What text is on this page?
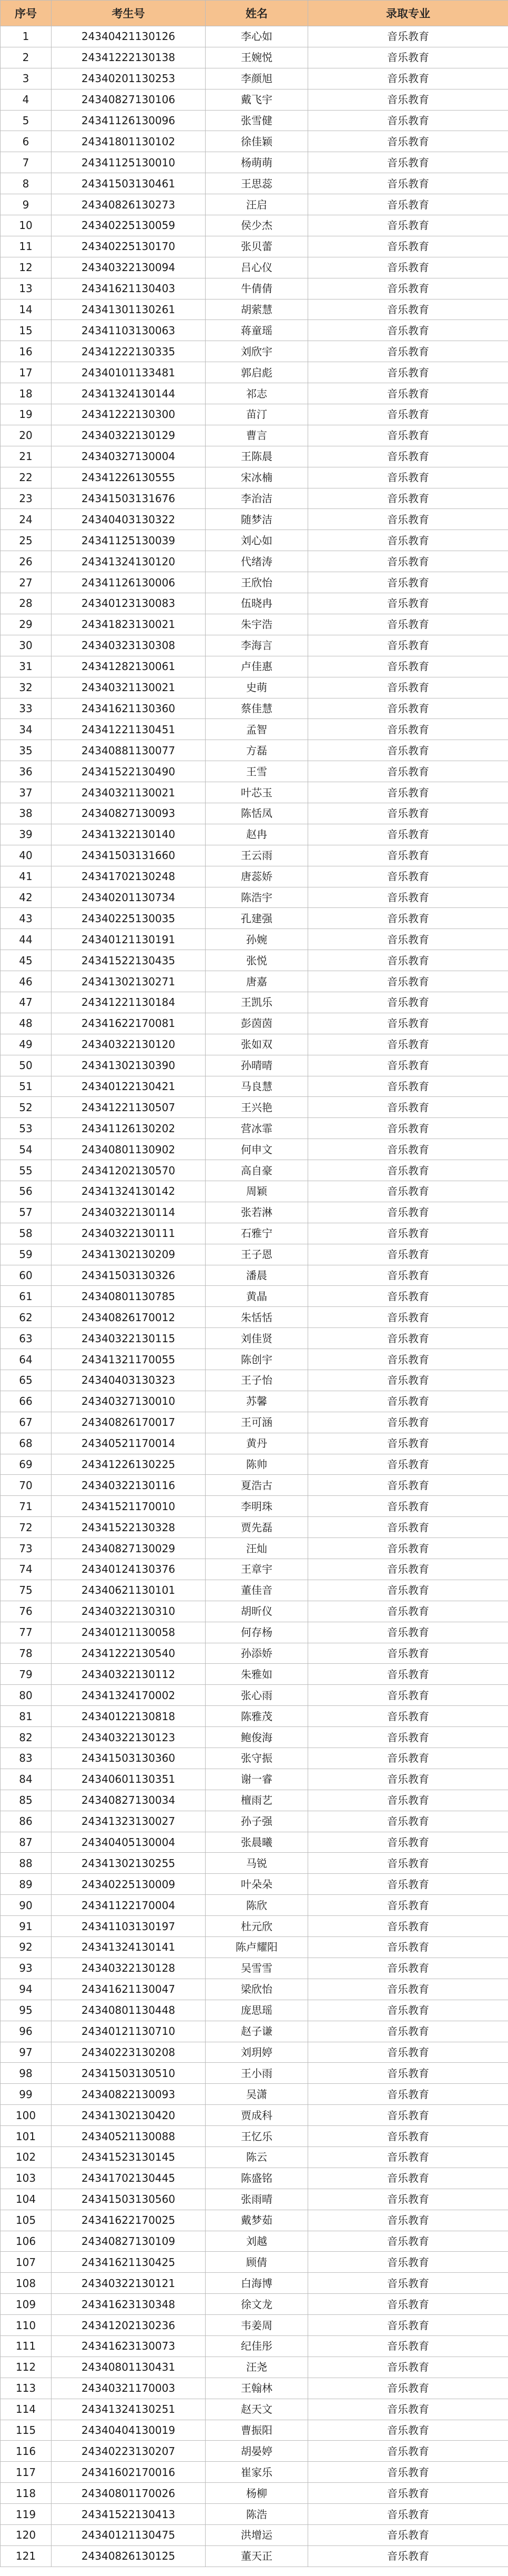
序号	考生号	姓名	录取专业
1	24340421130126	李心如	音乐教育
2	24341222130138	王婉悦	音乐教育
3	24340201130253	李颜旭	音乐教育
4	24340827130106	戴飞宇	音乐教育
5	24341126130096	张雪健	音乐教育
6	24341801130102	徐佳颖	音乐教育
7	24341125130010	杨萌萌	音乐教育
8	24341503130461	王思蕊	音乐教育
9	24340826130273	汪启	音乐教育
10	24340225130059	侯少杰	音乐教育
11	24340225130170	张贝蕾	音乐教育
12	24340322130094	吕心仪	音乐教育
13	24341621130403	牛倩倩	音乐教育
14	24341301130261	胡萦慧	音乐教育
15	24341103130063	蒋童瑶	音乐教育
16	24341222130335	刘欣宇	音乐教育
17	24340101133481	郭启彪	音乐教育
18	24341324130144	祁志	音乐教育
19	24341222130300	苗汀	音乐教育
20	24340322130129	曹言	音乐教育
21	24340327130004	王陈晨	音乐教育
22	24341226130555	宋冰楠	音乐教育
23	24341503131676	李治洁	音乐教育
24	24340403130322	随梦洁	音乐教育
25	24341125130039	刘心如	音乐教育
26	24341324130120	代绪涛	音乐教育
27	24341126130006	王欣怡	音乐教育
28	24340123130083	伍晓冉	音乐教育
29	24341823130021	朱宇浩	音乐教育
30	24340323130308	李海言	音乐教育
31	24341282130061	卢佳惠	音乐教育
32	24340321130021	史萌	音乐教育
33	24341621130360	蔡佳慧	音乐教育
34	24341221130451	孟智	音乐教育
35	24340881130077	方磊	音乐教育
36	24341522130490	王雪	音乐教育
37	24340321130021	叶芯玉	音乐教育
38	24340827130093	陈恬凤	音乐教育
39	24341322130140	赵冉	音乐教育
40	24341503131660	王云雨	音乐教育
41	24341702130248	唐蕊娇	音乐教育
42	24340201130734	陈浩宇	音乐教育
43	24340225130035	孔建强	音乐教育
44	24340121130191	孙婉	音乐教育
45	24341522130435	张悦	音乐教育
46	24341302130271	唐嘉	音乐教育
47	24341221130184	王凯乐	音乐教育
48	24341622170081	彭茵茵	音乐教育
49	24340322130120	张如双	音乐教育
50	24341302130390	孙晴晴	音乐教育
51	24340122130421	马良慧	音乐教育
52	24341221130507	王兴艳	音乐教育
53	24341126130202	营冰霏	音乐教育
54	24340801130902	何申文	音乐教育
55	24341202130570	高自豪	音乐教育
56	24341324130142	周颖	音乐教育
57	24340322130114	张若淋	音乐教育
58	24340322130111	石雅宁	音乐教育
59	24341302130209	王子恩	音乐教育
60	24341503130326	潘晨	音乐教育
61	24340801130785	黄晶	音乐教育
62	24340826170012	朱恬恬	音乐教育
63	24340322130115	刘佳贤	音乐教育
64	24341321170055	陈创宇	音乐教育
65	24340403130323	王子怡	音乐教育
66	24340327130010	苏馨	音乐教育
67	24340826170017	王可涵	音乐教育
68	24340521170014	黄丹	音乐教育
69	24341226130225	陈帅	音乐教育
70	24340322130116	夏浩古	音乐教育
71	24341521170010	李明珠	音乐教育
72	24341522130328	贾先磊	音乐教育
73	24340827130029	汪灿	音乐教育
74	24340124130376	王章宇	音乐教育
75	24340621130101	董佳音	音乐教育
76	24340322130310	胡昕仪	音乐教育
77	24340121130058	何存杨	音乐教育
78	24341222130540	孙添娇	音乐教育
79	24340322130112	朱雅如	音乐教育
80	24341324170002	张心雨	音乐教育
81	24340122130818	陈雅茂	音乐教育
82	24340322130123	鲍俊海	音乐教育
83	24341503130360	张守振	音乐教育
84	24340601130351	谢一睿	音乐教育
85	24340827130034	檀雨艺	音乐教育
86	24341323130027	孙子强	音乐教育
87	24340405130004	张晨曦	音乐教育
88	24341302130255	马锐	音乐教育
89	24340225130009	叶朵朵	音乐教育
90	24341122170004	陈欣	音乐教育
91	24341103130197	杜元欣	音乐教育
92	24341324130141	陈卢耀阳	音乐教育
93	24340322130128	吴雪雪	音乐教育
94	24341621130047	梁欣怡	音乐教育
95	24340801130448	庞思瑶	音乐教育
96	24340121130710	赵子谦	音乐教育
97	24340223130208	刘玥婷	音乐教育
98	24341503130510	王小雨	音乐教育
99	24340822130093	吴潇	音乐教育
100	24341302130420	贾成科	音乐教育
101	24340521130088	王忆乐	音乐教育
102	24341523130145	陈云	音乐教育
103	24341702130445	陈盛铭	音乐教育
104	24341503130560	张雨晴	音乐教育
105	24341622170025	戴梦茹	音乐教育
106	24340827130109	刘越	音乐教育
107	24341621130425	顾倩	音乐教育
108	24340322130121	白海博	音乐教育
109	24341623130348	徐文龙	音乐教育
110	24341202130236	韦姜周	音乐教育
111	24341623130073	纪佳彤	音乐教育
112	24340801130431	汪尧	音乐教育
113	24340321170003	王翰林	音乐教育
114	24341324130251	赵天文	音乐教育
115	24340404130019	曹振阳	音乐教育
116	24340223130207	胡晏婷	音乐教育
117	24341602170016	崔家乐	音乐教育
118	24340801170026	杨柳	音乐教育
119	24341522130413	陈浩	音乐教育
120	24340121130475	洪增运	音乐教育
121	24340826130125	董天正	音乐教育
